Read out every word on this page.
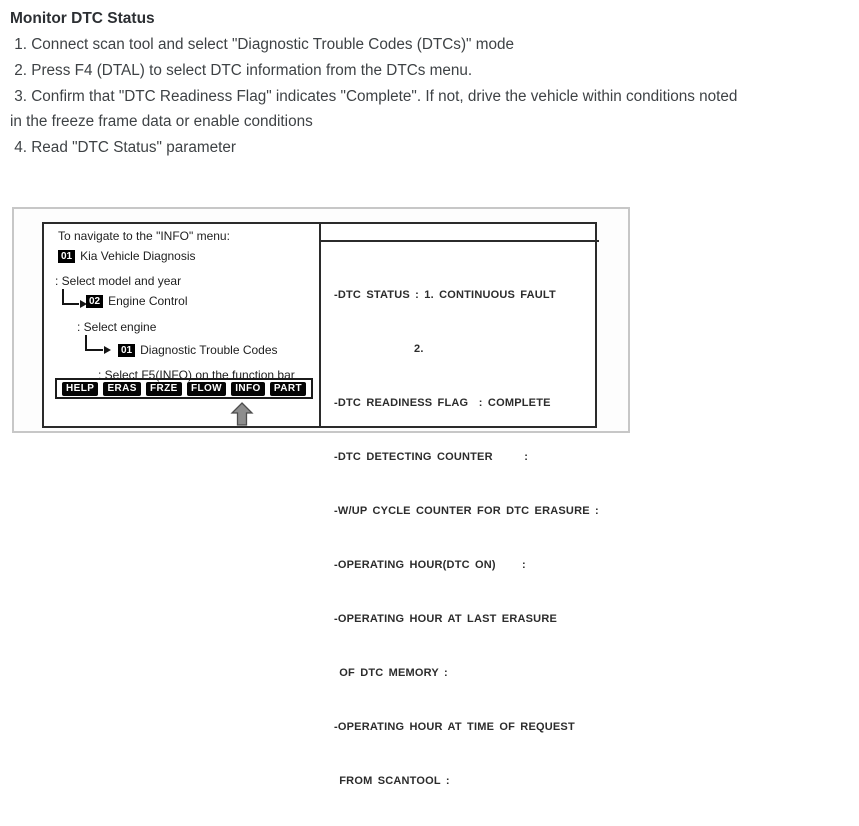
Monitor DTC Status
1. Connect scan tool and select "Diagnostic Trouble Codes (DTCs)" mode
2. Press F4 (DTAL) to select DTC information from the DTCs menu.
3. Confirm that "DTC Readiness Flag" indicates "Complete". If not, drive the vehicle within conditions noted
in the freeze frame data or enable conditions
4. Read "DTC Status" parameter
To navigate to the "INFO" menu:
01 Kia Vehicle Diagnosis
: Select model and year
02 Engine Control
: Select engine
01 Diagnostic Trouble Codes
: Select F5(INFO) on the function bar
HELP	ERAS	FRZE	FLOW	INFO	PART

-DTC STATUS : 1. CONTINUOUS FAULT

2.

-DTC READINESS FLAG  : COMPLETE

-DTC DETECTING COUNTER      :

-W/UP CYCLE COUNTER FOR DTC ERASURE :

-OPERATING HOUR(DTC ON)     :

-OPERATING HOUR AT LAST ERASURE

OF DTC MEMORY :

-OPERATING HOUR AT TIME OF REQUEST

FROM SCANTOOL :
